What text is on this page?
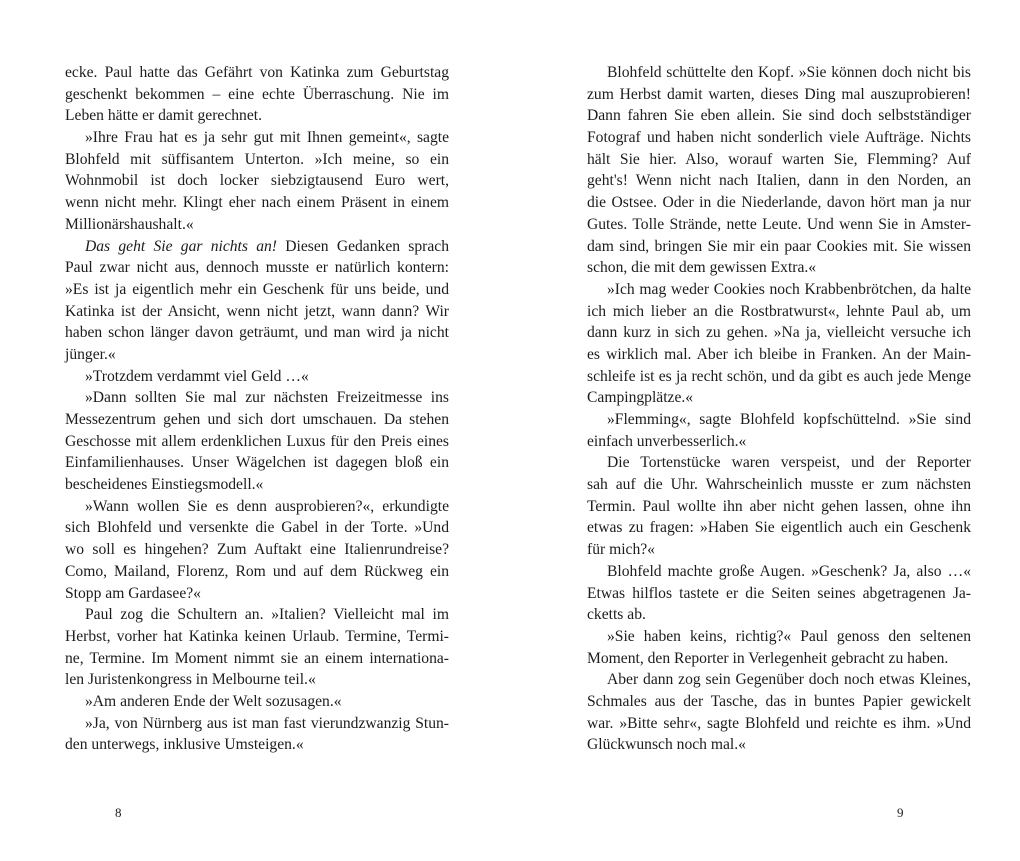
ecke. Paul hatte das Gefährt von Katinka zum Geburtstag
geschenkt bekommen – eine echte Überraschung. Nie im
Leben hätte er damit gerechnet.
»Ihre Frau hat es ja sehr gut mit Ihnen gemeint«, sagte
Blohfeld mit süffisantem Unterton. »Ich meine, so ein
Wohnmobil ist doch locker siebzigtausend Euro wert,
wenn nicht mehr. Klingt eher nach einem Präsent in einem
Millionärshaushalt.«
Das geht Sie gar nichts an! Diesen Gedanken sprach
Paul zwar nicht aus, dennoch musste er natürlich kontern:
»Es ist ja eigentlich mehr ein Geschenk für uns beide, und
Katinka ist der Ansicht, wenn nicht jetzt, wann dann? Wir
haben schon länger davon geträumt, und man wird ja nicht
jünger.«
»Trotzdem verdammt viel Geld …«
»Dann sollten Sie mal zur nächsten Freizeitmesse ins
Messezentrum gehen und sich dort umschauen. Da stehen
Geschosse mit allem erdenklichen Luxus für den Preis eines
Einfamilienhauses. Unser Wägelchen ist dagegen bloß ein
bescheidenes Einstiegsmodell.«
»Wann wollen Sie es denn ausprobieren?«, erkundigte
sich Blohfeld und versenkte die Gabel in der Torte. »Und
wo soll es hingehen? Zum Auftakt eine Italienrundreise?
Como, Mailand, Florenz, Rom und auf dem Rückweg ein
Stopp am Gardasee?«
Paul zog die Schultern an. »Italien? Vielleicht mal im
Herbst, vorher hat Katinka keinen Urlaub. Termine, Termi-
ne, Termine. Im Moment nimmt sie an einem internationa-
len Juristenkongress in Melbourne teil.«
»Am anderen Ende der Welt sozusagen.«
»Ja, von Nürnberg aus ist man fast vierundzwanzig Stun-
den unterwegs, inklusive Umsteigen.«
8
Blohfeld schüttelte den Kopf. »Sie können doch nicht bis
zum Herbst damit warten, dieses Ding mal auszuprobieren!
Dann fahren Sie eben allein. Sie sind doch selbstständiger
Fotograf und haben nicht sonderlich viele Aufträge. Nichts
hält Sie hier. Also, worauf warten Sie, Flemming? Auf
geht's! Wenn nicht nach Italien, dann in den Norden, an
die Ostsee. Oder in die Niederlande, davon hört man ja nur
Gutes. Tolle Strände, nette Leute. Und wenn Sie in Amster-
dam sind, bringen Sie mir ein paar Cookies mit. Sie wissen
schon, die mit dem gewissen Extra.«
»Ich mag weder Cookies noch Krabbenbrötchen, da halte
ich mich lieber an die Rostbratwurst«, lehnte Paul ab, um
dann kurz in sich zu gehen. »Na ja, vielleicht versuche ich
es wirklich mal. Aber ich bleibe in Franken. An der Main-
schleife ist es ja recht schön, und da gibt es auch jede Menge
Campingplätze.«
»Flemming«, sagte Blohfeld kopfschüttelnd. »Sie sind
einfach unverbesserlich.«
Die Tortenstücke waren verspeist, und der Reporter
sah auf die Uhr. Wahrscheinlich musste er zum nächsten
Termin. Paul wollte ihn aber nicht gehen lassen, ohne ihn
etwas zu fragen: »Haben Sie eigentlich auch ein Geschenk
für mich?«
Blohfeld machte große Augen. »Geschenk? Ja, also …«
Etwas hilflos tastete er die Seiten seines abgetragenen Ja-
cketts ab.
»Sie haben keins, richtig?« Paul genoss den seltenen
Moment, den Reporter in Verlegenheit gebracht zu haben.
Aber dann zog sein Gegenüber doch noch etwas Kleines,
Schmales aus der Tasche, das in buntes Papier gewickelt
war. »Bitte sehr«, sagte Blohfeld und reichte es ihm. »Und
Glückwunsch noch mal.«
9
